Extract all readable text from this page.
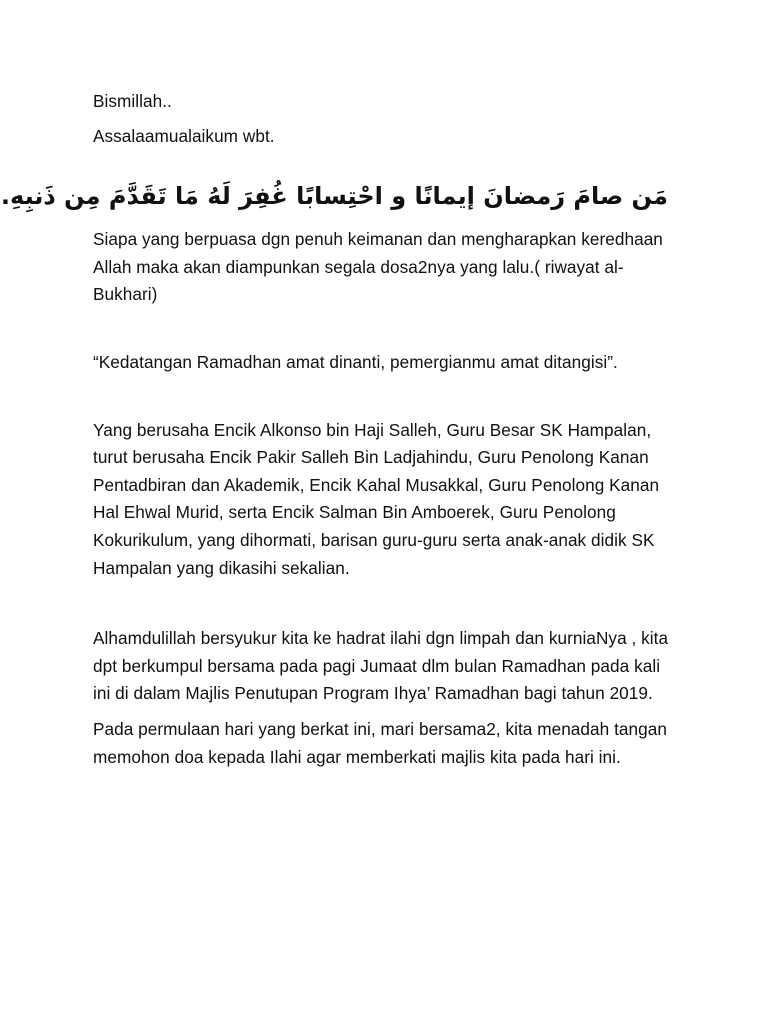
Bismillah..

Assalaamualaikum wbt.

مَن صامَ رَمضانَ إيمانًا و احْتِسابًا غُفِرَ لَهُ مَا تَقَدَّمَ مِن ذَنبِهِ.

Siapa yang berpuasa dgn penuh keimanan dan mengharapkan keredhaan Allah maka akan diampunkan segala dosa2nya yang lalu.( riwayat al-Bukhari)

“Kedatangan Ramadhan amat dinanti, pemergianmu amat ditangisi”.

Yang berusaha Encik Alkonso bin Haji Salleh, Guru Besar SK Hampalan, turut berusaha Encik Pakir Salleh Bin Ladjahindu, Guru Penolong Kanan Pentadbiran dan Akademik, Encik Kahal Musakkal, Guru Penolong Kanan Hal Ehwal Murid, serta Encik Salman Bin Amboerek, Guru Penolong Kokurikulum, yang dihormati, barisan guru-guru serta anak-anak didik SK Hampalan yang dikasihi sekalian.

Alhamdulillah bersyukur kita ke hadrat ilahi dgn limpah dan kurniaNya , kita dpt berkumpul bersama pada pagi Jumaat dlm bulan Ramadhan pada kali ini di dalam Majlis Penutupan Program Ihya’ Ramadhan bagi tahun 2019.

Pada permulaan hari yang berkat ini, mari bersama2, kita menadah tangan memohon doa kepada Ilahi agar memberkati majlis kita pada hari ini.
